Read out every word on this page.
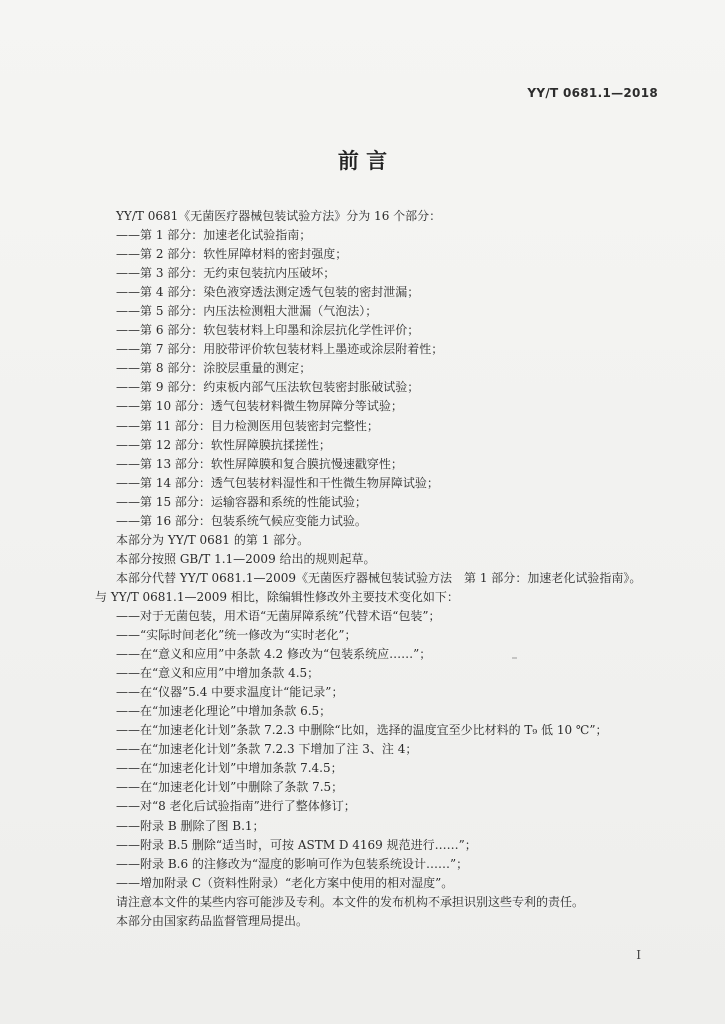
YY/T 0681.1—2018
前 言
YY/T 0681《无菌医疗器械包装试验方法》分为 16 个部分：
——第 1 部分：加速老化试验指南；
——第 2 部分：软性屏障材料的密封强度；
——第 3 部分：无约束包装抗内压破坏；
——第 4 部分：染色液穿透法测定透气包装的密封泄漏；
——第 5 部分：内压法检测粗大泄漏（气泡法）；
——第 6 部分：软包装材料上印墨和涂层抗化学性评价；
——第 7 部分：用胶带评价软包装材料上墨迹或涂层附着性；
——第 8 部分：涂胶层重量的测定；
——第 9 部分：约束板内部气压法软包装密封胀破试验；
——第 10 部分：透气包装材料微生物屏障分等试验；
——第 11 部分：目力检测医用包装密封完整性；
——第 12 部分：软性屏障膜抗揉搓性；
——第 13 部分：软性屏障膜和复合膜抗慢速戳穿性；
——第 14 部分：透气包装材料湿性和干性微生物屏障试验；
——第 15 部分：运输容器和系统的性能试验；
——第 16 部分：包装系统气候应变能力试验。
本部分为 YY/T 0681 的第 1 部分。
本部分按照 GB/T 1.1—2009 给出的规则起草。
本部分代替 YY/T 0681.1—2009《无菌医疗器械包装试验方法　第 1 部分：加速老化试验指南》。
与 YY/T 0681.1—2009 相比，除编辑性修改外主要技术变化如下：
——对于无菌包装，用术语“无菌屏障系统”代替术语“包装”；
——“实际时间老化”统一修改为“实时老化”；
——在“意义和应用”中条款 4.2 修改为“包装系统应……”；
——在“意义和应用”中增加条款 4.5；
——在“仪器”5.4 中要求温度计“能记录”；
——在“加速老化理论”中增加条款 6.5；
——在“加速老化计划”条款 7.2.3 中删除“比如，选择的温度宜至少比材料的 T₉ 低 10 ℃”；
——在“加速老化计划”条款 7.2.3 下增加了注 3、注 4；
——在“加速老化计划”中增加条款 7.4.5；
——在“加速老化计划”中删除了条款 7.5；
——对“8 老化后试验指南”进行了整体修订；
——附录 B 删除了图 B.1；
——附录 B.5 删除“适当时，可按 ASTM D 4169 规范进行……”；
——附录 B.6 的注修改为“湿度的影响可作为包装系统设计……”；
——增加附录 C（资料性附录）“老化方案中使用的相对湿度”。
请注意本文件的某些内容可能涉及专利。本文件的发布机构不承担识别这些专利的责任。
本部分由国家药品监督管理局提出。
I
